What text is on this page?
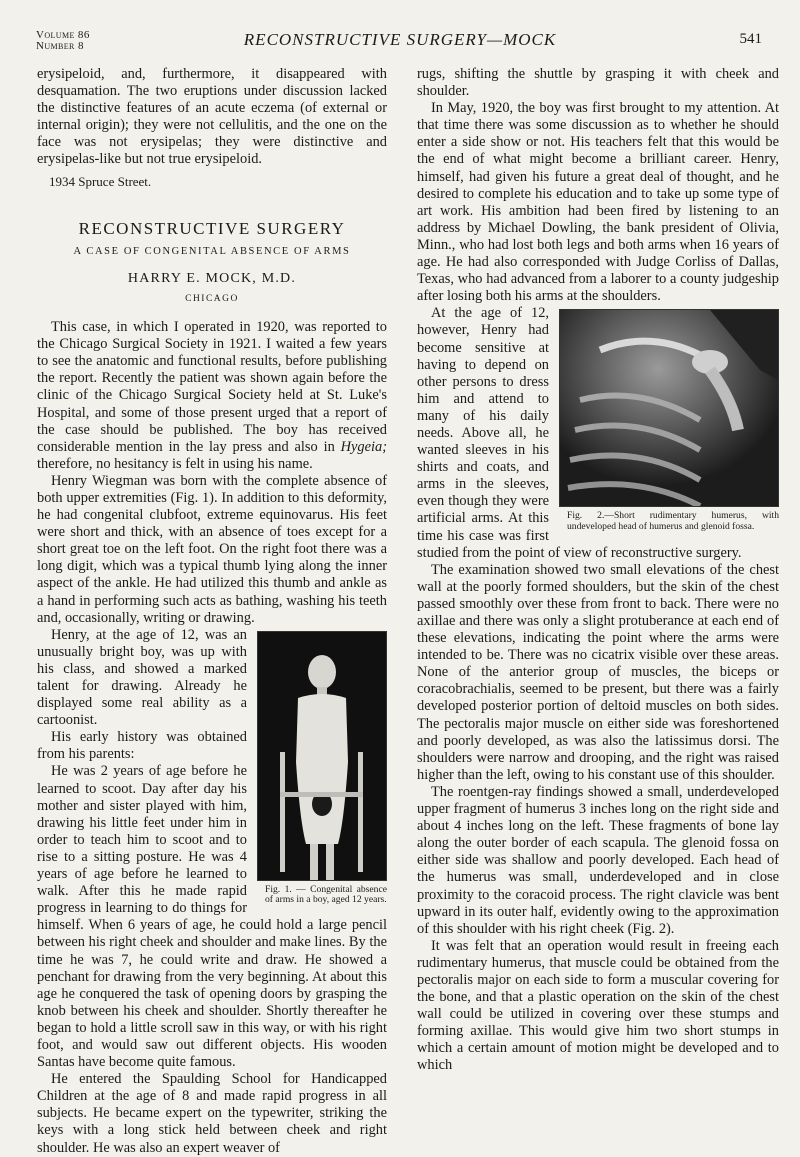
Volume 86
Number 8	RECONSTRUCTIVE SURGERY—MOCK	541

erysipeloid, and, furthermore, it disappeared with desquamation. The two eruptions under discussion lacked the distinctive features of an acute eczema (of external or internal origin); they were not cellulitis, and the one on the face was not erysipelas; they were distinctive and erysipelas-like but not true erysipeloid.

1934 Spruce Street.
RECONSTRUCTIVE SURGERY
A CASE OF CONGENITAL ABSENCE OF ARMS
HARRY E. MOCK, M.D.
CHICAGO

This case, in which I operated in 1920, was reported to the Chicago Surgical Society in 1921. I waited a few years to see the anatomic and functional results, before publishing the report. Recently the patient was shown again before the clinic of the Chicago Surgical Society held at St. Luke's Hospital, and some of those present urged that a report of the case should be published. The boy has received considerable mention in the lay press and also in Hygeia; therefore, no hesitancy is felt in using his name.

Henry Wiegman was born with the complete absence of both upper extremities (Fig. 1). In addition to this deformity, he had congenital clubfoot, extreme equinovarus. His feet were short and thick, with an absence of toes except for a short great toe on the left foot. On the right foot there was a long digit, which was a typical thumb lying along the inner aspect of the ankle. He had utilized this thumb and ankle as a hand in performing such acts as bathing, washing his teeth and, occasionally, writing or drawing.

Fig. 1. — Congenital absence of arms in a boy, aged 12 years.

Henry, at the age of 12, was an unusually bright boy, was up with his class, and showed a marked talent for drawing. Already he displayed some real ability as a cartoonist.

His early history was obtained from his parents:

He was 2 years of age before he learned to scoot. Day after day his mother and sister played with him, drawing his little feet under him in order to teach him to scoot and to rise to a sitting posture. He was 4 years of age before he learned to walk. After this he made rapid progress in learning to do things for himself. When 6 years of age, he could hold a large pencil between his right cheek and shoulder and make lines. By the time he was 7, he could write and draw. He showed a penchant for drawing from the very beginning. At about this age he conquered the task of opening doors by grasping the knob between his cheek and shoulder. Shortly thereafter he began to hold a little scroll saw in this way, or with his right foot, and would saw out different objects. His wooden Santas have become quite famous.

He entered the Spaulding School for Handicapped Children at the age of 8 and made rapid progress in all subjects. He became expert on the typewriter, striking the keys with a long stick held between cheek and right shoulder. He was also an expert weaver of

rugs, shifting the shuttle by grasping it with cheek and shoulder.

In May, 1920, the boy was first brought to my attention. At that time there was some discussion as to whether he should enter a side show or not. His teachers felt that this would be the end of what might become a brilliant career. Henry, himself, had given his future a great deal of thought, and he desired to complete his education and to take up some type of art work. His ambition had been fired by listening to an address by Michael Dowling, the bank president of Olivia, Minn., who had lost both legs and both arms when 16 years of age. He had also corresponded with Judge Corliss of Dallas, Texas, who had advanced from a laborer to a county judgeship after losing both his arms at the shoulders.

Fig. 2.—Short rudimentary humerus, with undeveloped head of humerus and glenoid fossa.

At the age of 12, however, Henry had become sensitive at having to depend on other persons to dress him and attend to many of his daily needs. Above all, he wanted sleeves in his shirts and coats, and arms in the sleeves, even though they were artificial arms. At this time his case was first studied from the point of view of reconstructive surgery.

The examination showed two small elevations of the chest wall at the poorly formed shoulders, but the skin of the chest passed smoothly over these from front to back. There were no axillae and there was only a slight protuberance at each end of these elevations, indicating the point where the arms were intended to be. There was no cicatrix visible over these areas. None of the anterior group of muscles, the biceps or coracobrachialis, seemed to be present, but there was a fairly developed posterior portion of deltoid muscles on both sides. The pectoralis major muscle on either side was foreshortened and poorly developed, as was also the latissimus dorsi. The shoulders were narrow and drooping, and the right was raised higher than the left, owing to his constant use of this shoulder.

The roentgen-ray findings showed a small, underdeveloped upper fragment of humerus 3 inches long on the right side and about 4 inches long on the left. These fragments of bone lay along the outer border of each scapula. The glenoid fossa on either side was shallow and poorly developed. Each head of the humerus was small, underdeveloped and in close proximity to the coracoid process. The right clavicle was bent upward in its outer half, evidently owing to the approximation of this shoulder with his right cheek (Fig. 2).

It was felt that an operation would result in freeing each rudimentary humerus, that muscle could be obtained from the pectoralis major on each side to form a muscular covering for the bone, and that a plastic operation on the skin of the chest wall could be utilized in covering over these stumps and forming axillae. This would give him two short stumps in which a certain amount of motion might be developed and to which
